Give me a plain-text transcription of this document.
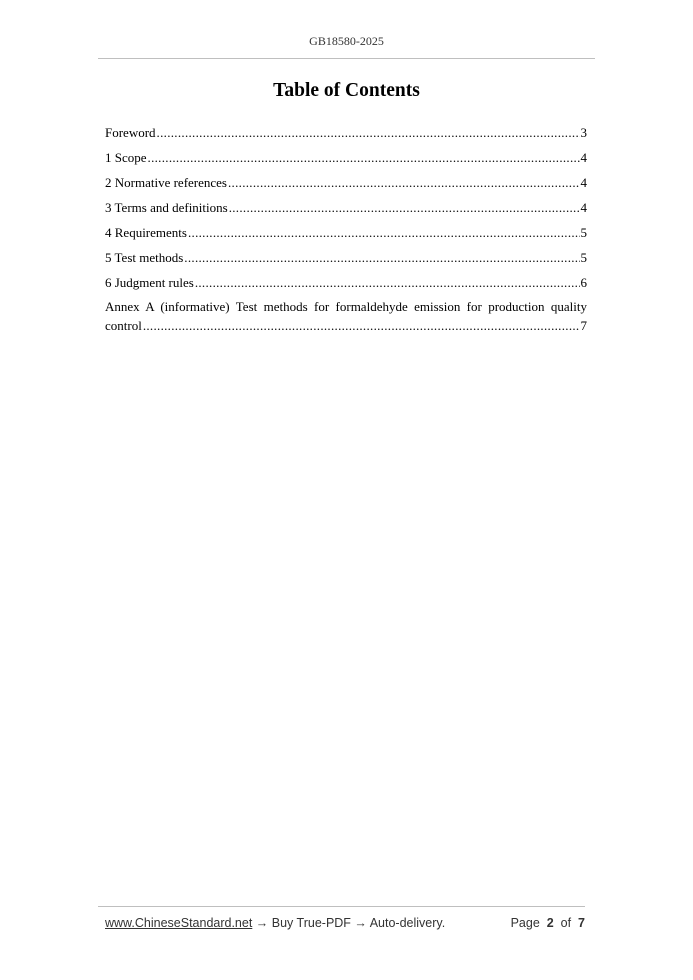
GB18580-2025
Table of Contents
Foreword .....	3
1 Scope .....	4
2 Normative references .....	4
3 Terms and definitions .....	4
4 Requirements .....	5
5 Test methods .....	5
6 Judgment rules .....	6
Annex A (informative) Test methods for formaldehyde emission for production quality
control .....	7
www.ChineseStandard.net → Buy True-PDF → Auto-delivery.	Page 2 of 7
